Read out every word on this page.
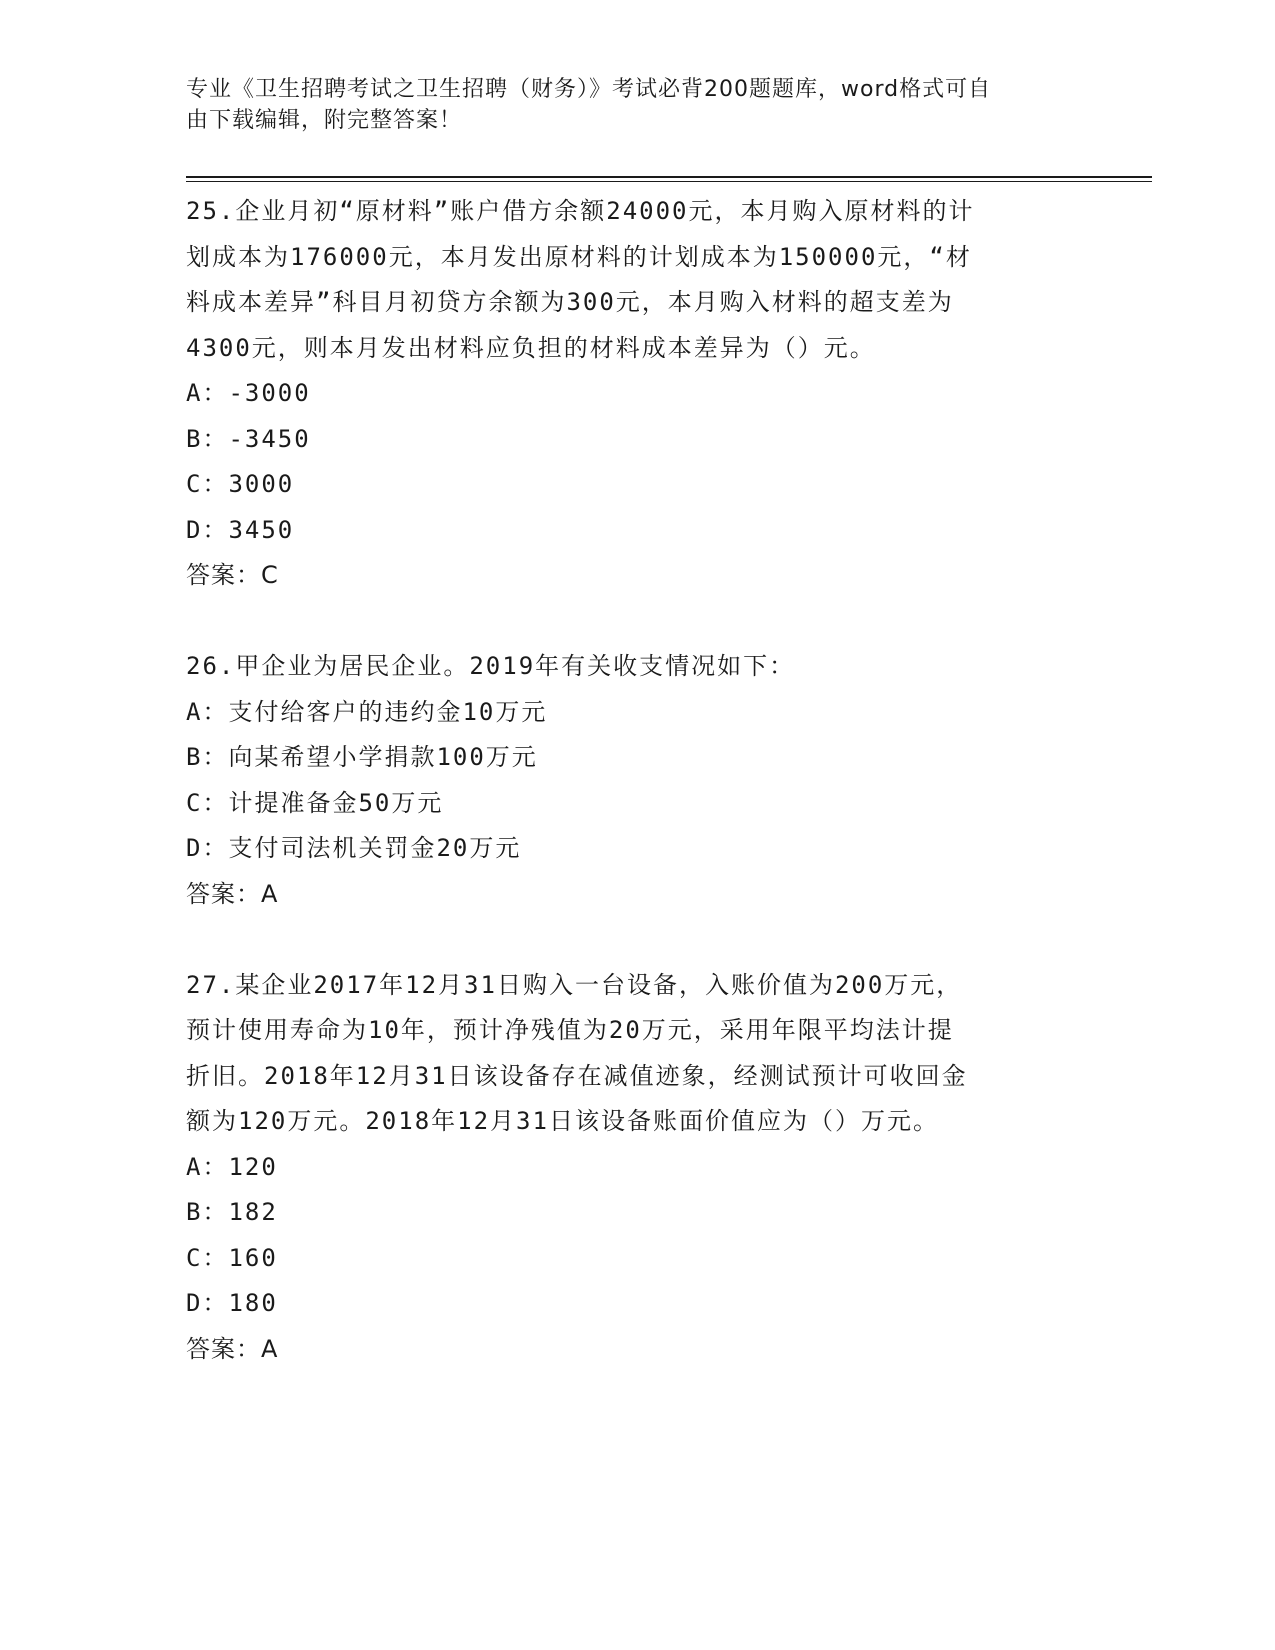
专业《卫生招聘考试之卫生招聘（财务）》考试必背200题题库，word格式可自
由下载编辑，附完整答案！
25.企业月初“原材料”账户借方余额24000元，本月购入原材料的计
划成本为176000元，本月发出原材料的计划成本为150000元，“材
料成本差异”科目月初贷方余额为300元，本月购入材料的超支差为
4300元，则本月发出材料应负担的材料成本差异为（）元。
A：-3000
B：-3450
C：3000
D：3450
答案：C
26.甲企业为居民企业。2019年有关收支情况如下：
A：支付给客户的违约金10万元
B：向某希望小学捐款100万元
C：计提准备金50万元
D：支付司法机关罚金20万元
答案：A
27.某企业2017年12月31日购入一台设备，入账价值为200万元，
预计使用寿命为10年，预计净残值为20万元，采用年限平均法计提
折旧。2018年12月31日该设备存在减值迹象，经测试预计可收回金
额为120万元。2018年12月31日该设备账面价值应为（）万元。
A：120
B：182
C：160
D：180
答案：A
